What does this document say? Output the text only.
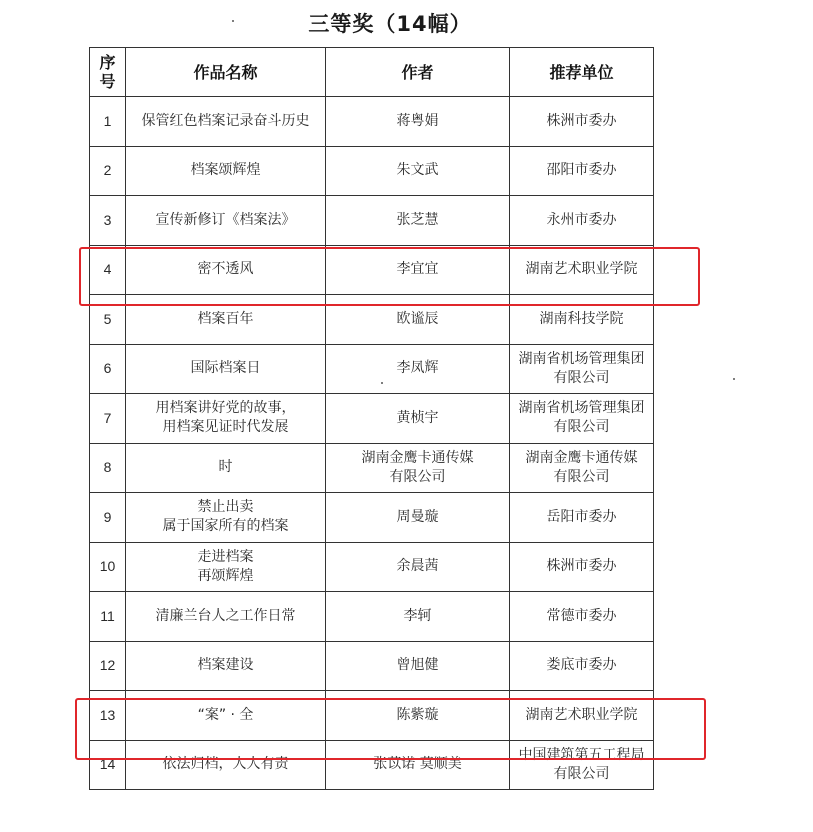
三等奖（14幅）
序号	作品名称	作者	推荐单位
1	保管红色档案记录奋斗历史	蒋粤娟	株洲市委办

2	档案颂辉煌	朱文武	邵阳市委办

3	宣传新修订《档案法》	张芝慧	永州市委办

4	密不透风	李宜宜	湖南艺术职业学院

5	档案百年	欧谧辰	湖南科技学院

6	国际档案日	李凤辉	湖南省机场管理集团
有限公司

7	用档案讲好党的故事，
用档案见证时代发展	黄桢宇	湖南省机场管理集团
有限公司

8	时	湖南金鹰卡通传媒
有限公司	湖南金鹰卡通传媒
有限公司

9	禁止出卖
属于国家所有的档案	周曼璇	岳阳市委办

10	走进档案
再颂辉煌	余晨茜	株洲市委办

11	清廉兰台人之工作日常	李轲	常德市委办

12	档案建设	曾旭健	娄底市委办

13	“案” · 全	陈紫璇	湖南艺术职业学院

14	依法归档，人人有责	张苡诺 莫顺美	中国建筑第五工程局
有限公司
